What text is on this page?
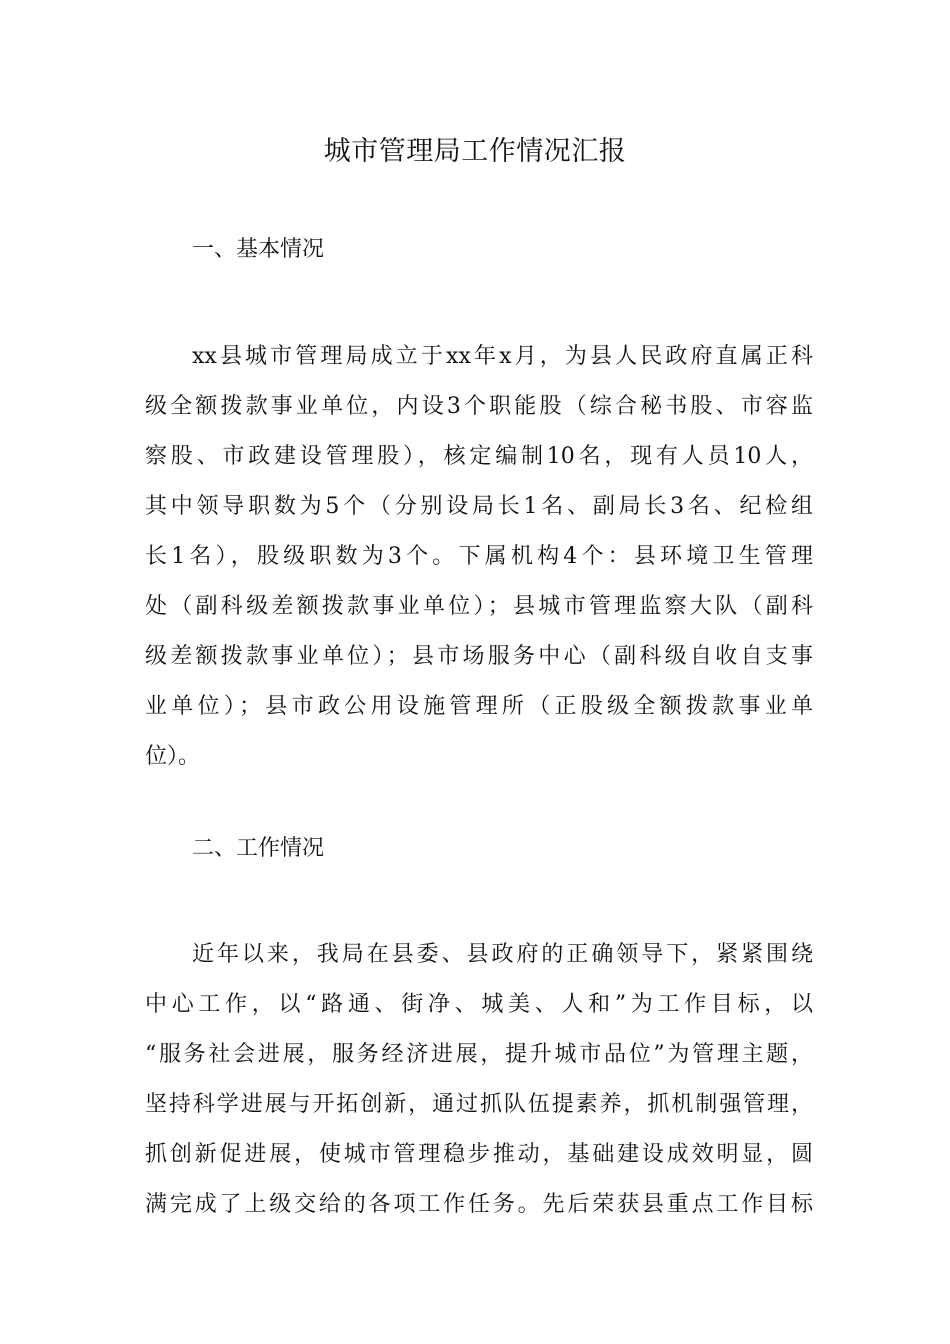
城市管理局工作情况汇报
一、基本情况
xx县城市管理局成立于xx年x月，为县人民政府直属正科
级全额拨款事业单位，内设3个职能股（综合秘书股、市容监
察股、市政建设管理股），核定编制10名，现有人员10人，
其中领导职数为5个（分别设局长1名、副局长3名、纪检组
长1名），股级职数为3个。下属机构4个：县环境卫生管理
处（副科级差额拨款事业单位）；县城市管理监察大队（副科
级差额拨款事业单位）；县市场服务中心（副科级自收自支事
业单位）；县市政公用设施管理所（正股级全额拨款事业单
位）。
二、工作情况
近年以来，我局在县委、县政府的正确领导下，紧紧围绕
中心工作，以“路通、街净、城美、人和”为工作目标，以
“服务社会进展，服务经济进展，提升城市品位”为管理主题，
坚持科学进展与开拓创新，通过抓队伍提素养，抓机制强管理，
抓创新促进展，使城市管理稳步推动，基础建设成效明显，圆
满完成了上级交给的各项工作任务。先后荣获县重点工作目标
